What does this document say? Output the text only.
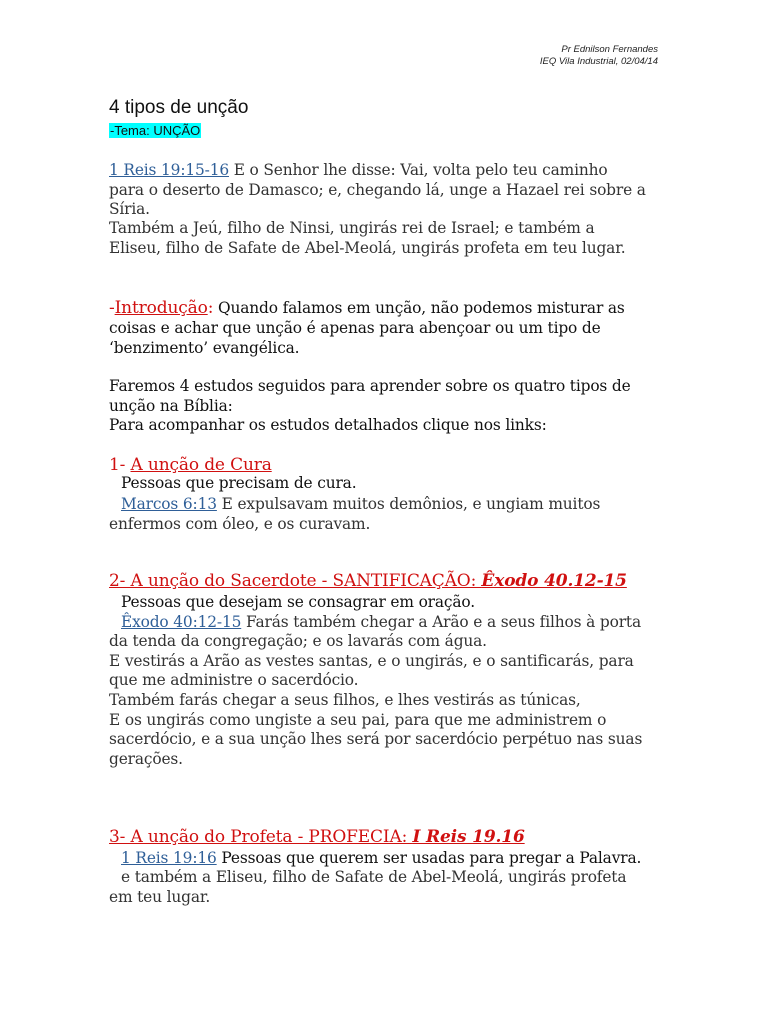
Pr Ednilson Fernandes
IEQ Vila Industrial, 02/04/14
4 tipos de unção
-Tema: UNÇÃO
1 Reis 19:15-16 E o Senhor lhe disse: Vai, volta pelo teu caminho
para o deserto de Damasco; e, chegando lá, unge a Hazael rei sobre a
Síria.
Também a Jeú, filho de Ninsi, ungirás rei de Israel; e também a
Eliseu, filho de Safate de Abel-Meolá, ungirás profeta em teu lugar.
-Introdução: Quando falamos em unção, não podemos misturar as
coisas e achar que unção é apenas para abençoar ou um tipo de
‘benzimento’ evangélica.
Faremos 4 estudos seguidos para aprender sobre os quatro tipos de
unção na Bíblia:
Para acompanhar os estudos detalhados clique nos links:
1- A unção de Cura
Pessoas que precisam de cura.
Marcos 6:13 E expulsavam muitos demônios, e ungiam muitos
enfermos com óleo, e os curavam.
2- A unção do Sacerdote - SANTIFICAÇÃO: Êxodo 40.12-15
Pessoas que desejam se consagrar em oração.
Êxodo 40:12-15 Farás também chegar a Arão e a seus filhos à porta
da tenda da congregação; e os lavarás com água.
E vestirás a Arão as vestes santas, e o ungirás, e o santificarás, para
que me administre o sacerdócio.
Também farás chegar a seus filhos, e lhes vestirás as túnicas,
E os ungirás como ungiste a seu pai, para que me administrem o
sacerdócio, e a sua unção lhes será por sacerdócio perpétuo nas suas
gerações.
3- A unção do Profeta - PROFECIA: I Reis 19.16
1 Reis 19:16 Pessoas que querem ser usadas para pregar a Palavra.
e também a Eliseu, filho de Safate de Abel-Meolá, ungirás profeta
em teu lugar.
